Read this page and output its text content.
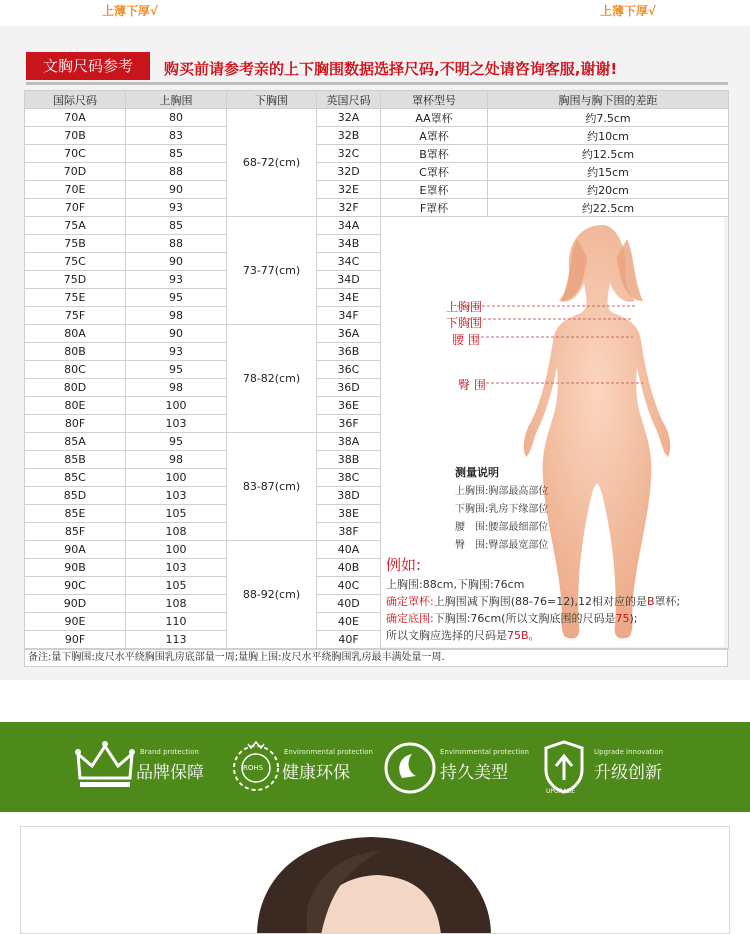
上薄下厚√	上薄下厚√
文胸尺码参考	购买前请参考亲的上下胸围数据选择尺码,不明之处请咨询客服,谢谢!
国际尺码	上胸围	下胸围	英国尺码	罩杯型号	胸围与胸下围的差距
70A	80	68-72(cm)	32A	AA罩杯	约7.5cm
70B	83		32B	A罩杯	约10cm
70C	85		32C	B罩杯	约12.5cm
70D	88		32D	C罩杯	约15cm
70E	90		32E	E罩杯	约20cm
70F	93		32F	F罩杯	约22.5cm
75A	85	73-77(cm)	34A		
75B	88		34B		
75C	90		34C		
75D	93		34D		
75E	95		34E		
75F	98		34F		
80A	90	78-82(cm)	36A		
80B	93		36B		
80C	95		36C		
80D	98		36D		
80E	100		36E		
80F	103		36F		
85A	95	83-87(cm)	38A		
85B	98		38B		
85C	100		38C		
85D	103		38D		
85E	105		38E		
85F	108		38F		
90A	100	88-92(cm)	40A		
90B	103		40B		
90C	105		40C		
90D	108		40D		
90E	110		40E		
90F	113		40F		
上胸围
下胸围
腰 围
臀 围
测量说明
上胸围:胸部最高部位
下胸围:乳房下缘部位
腰　围:腰部最细部位
臀　围:臀部最宽部位
例如:
上胸围:88cm,下胸围:76cm
确定罩杯:上胸围减下胸围(88-76=12),12相对应的是B罩杯;
确定底围:下胸围:76cm(所以文胸底围的尺码是75);
所以文胸应选择的尺码是75B。
备注:量下胸围:皮尺水平绕胸围乳房底部量一周;量胸上围:皮尺水平绕胸围乳房最丰满处量一周.
Brand protection
品牌保障	ROHS
Environmental protection
健康环保
Environmental protection
持久美型
UPGRADE
Upgrade innovation
升级创新
